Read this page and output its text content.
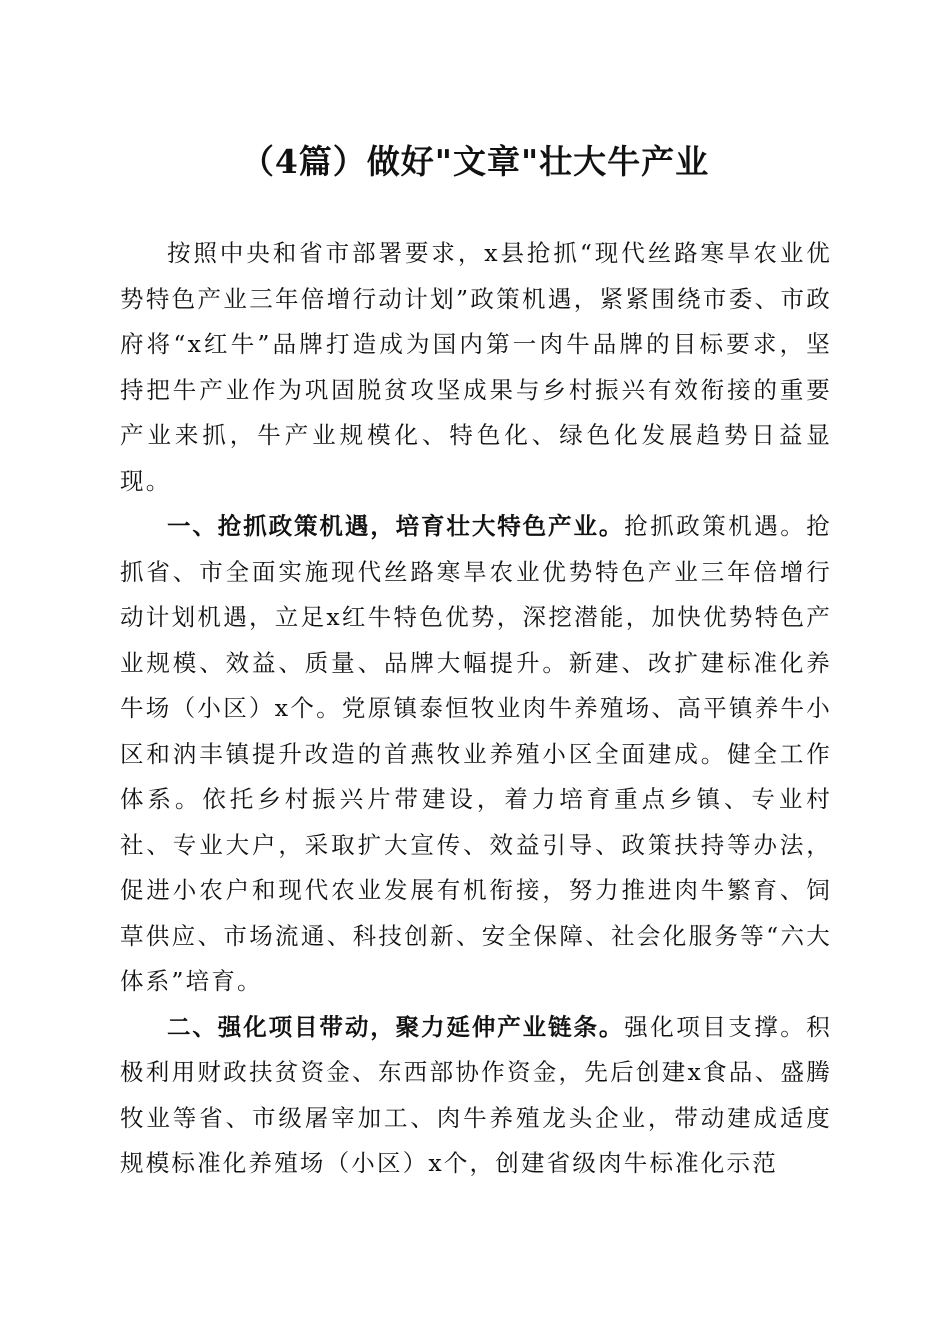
（4篇）做好"文章"壮大牛产业

按照中央和省市部署要求，x县抢抓“现代丝路寒旱农业优势特色产业三年倍增行动计划”政策机遇，紧紧围绕市委、市政府将“x红牛”品牌打造成为国内第一肉牛品牌的目标要求，坚持把牛产业作为巩固脱贫攻坚成果与乡村振兴有效衔接的重要产业来抓，牛产业规模化、特色化、绿色化发展趋势日益显现。

一、抢抓政策机遇，培育壮大特色产业。抢抓政策机遇。抢抓省、市全面实施现代丝路寒旱农业优势特色产业三年倍增行动计划机遇，立足x红牛特色优势，深挖潜能，加快优势特色产业规模、效益、质量、品牌大幅提升。新建、改扩建标准化养牛场（小区）x个。党原镇泰恒牧业肉牛养殖场、高平镇养牛小区和汭丰镇提升改造的首燕牧业养殖小区全面建成。健全工作体系。依托乡村振兴片带建设，着力培育重点乡镇、专业村社、专业大户，采取扩大宣传、效益引导、政策扶持等办法，促进小农户和现代农业发展有机衔接，努力推进肉牛繁育、饲草供应、市场流通、科技创新、安全保障、社会化服务等“六大体系”培育。

二、强化项目带动，聚力延伸产业链条。强化项目支撑。积极利用财政扶贫资金、东西部协作资金，先后创建x食品、盛腾牧业等省、市级屠宰加工、肉牛养殖龙头企业，带动建成适度规模标准化养殖场（小区）x个，创建省级肉牛标准化示范
